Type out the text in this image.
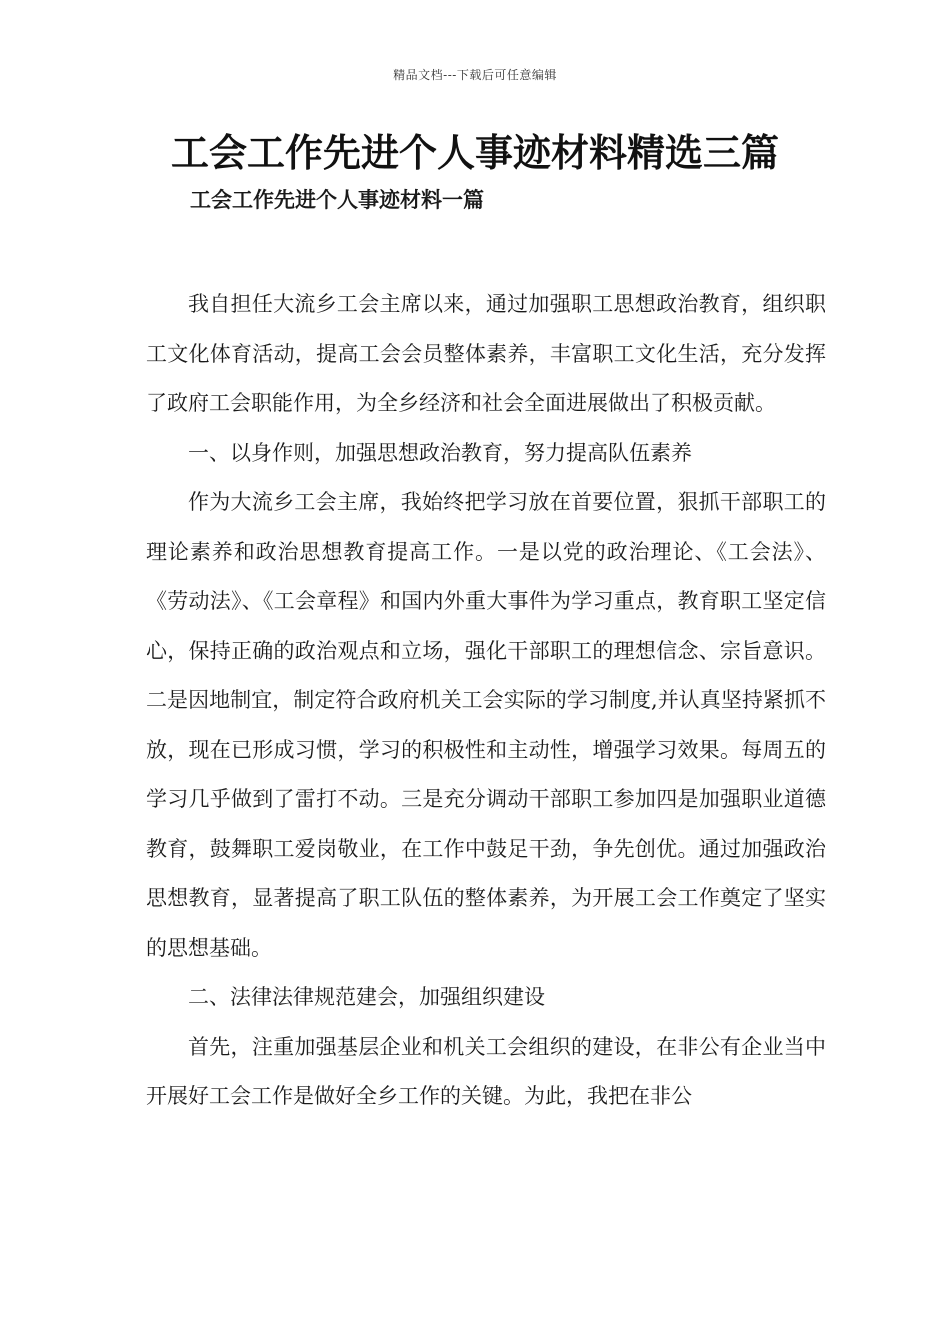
精品文档---下载后可任意编辑
工会工作先进个人事迹材料精选三篇
工会工作先进个人事迹材料一篇

我自担任大流乡工会主席以来，通过加强职工思想政治教育，组织职工文化体育活动，提高工会会员整体素养，丰富职工文化生活，充分发挥了政府工会职能作用，为全乡经济和社会全面进展做出了积极贡献。

一、以身作则，加强思想政治教育，努力提高队伍素养

作为大流乡工会主席，我始终把学习放在首要位置，狠抓干部职工的理论素养和政治思想教育提高工作。一是以党的政治理论、《工会法》、《劳动法》、《工会章程》和国内外重大事件为学习重点，教育职工坚定信心，保持正确的政治观点和立场，强化干部职工的理想信念、宗旨意识。二是因地制宜，制定符合政府机关工会实际的学习制度,并认真坚持紧抓不放，现在已形成习惯，学习的积极性和主动性，增强学习效果。每周五的学习几乎做到了雷打不动。三是充分调动干部职工参加四是加强职业道德教育，鼓舞职工爱岗敬业，在工作中鼓足干劲，争先创优。通过加强政治思想教育，显著提高了职工队伍的整体素养，为开展工会工作奠定了坚实的思想基础。

二、法律法律规范建会，加强组织建设

首先，注重加强基层企业和机关工会组织的建设，在非公有企业当中开展好工会工作是做好全乡工作的关键。为此，我把在非公
